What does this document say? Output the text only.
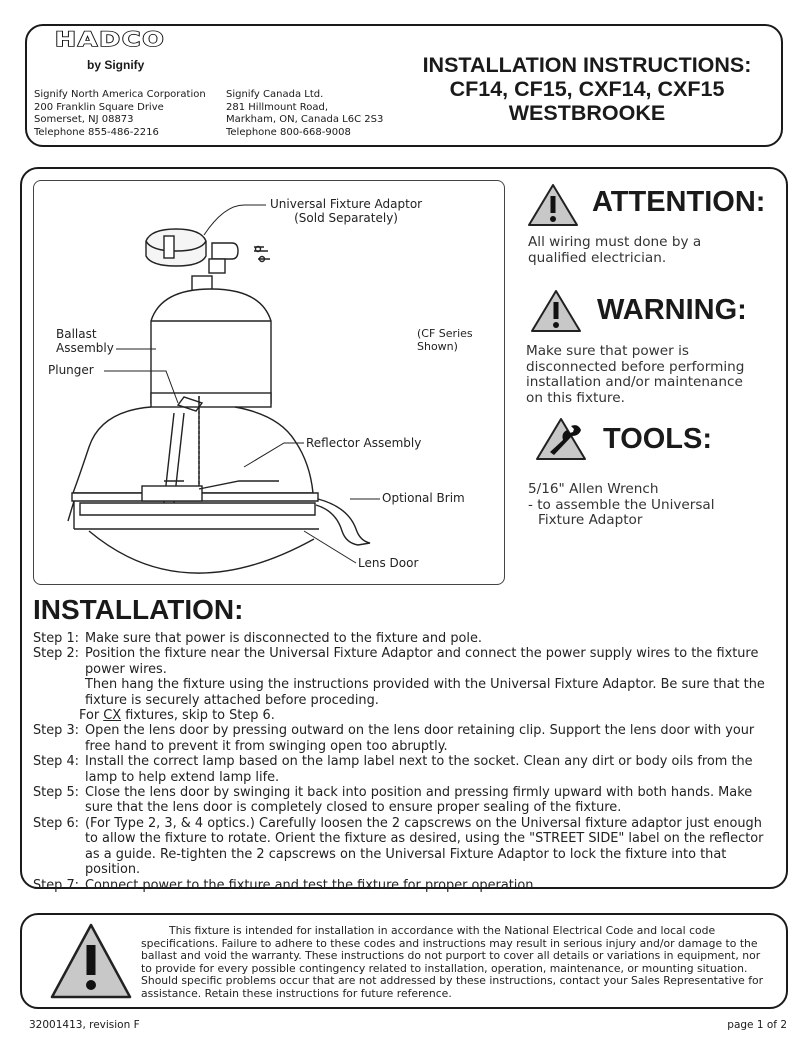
HADCO
by Signify
Signify North America Corporation
200 Franklin Square Drive
Somerset, NJ 08873
Telephone 855-486-2216
Signify Canada Ltd.
281 Hillmount Road,
Markham, ON, Canada L6C 2S3
Telephone 800-668-9008
INSTALLATION INSTRUCTIONS:
CF14, CF15, CXF14, CXF15
WESTBROOKE
Universal Fixture Adaptor
(Sold Separately)
Ballast
Assembly
Plunger
(CF Series
Shown)
Reflector Assembly
Optional Brim
Lens Door
ATTENTION:
All wiring must done by a qualified electrician.
WARNING:
Make sure that power is disconnected before performing installation and/or maintenance on this fixture.
TOOLS:
5/16" Allen Wrench
- to assemble the Universal
Fixture Adaptor
INSTALLATION:
Step 1: Make sure that power is disconnected to the fixture and pole.
Step 2: Position the fixture near the Universal Fixture Adaptor and connect the power supply wires to the fixture power wires.
Then hang the fixture using the instructions provided with the Universal Fixture Adaptor. Be sure that the fixture is securely attached before proceding.
For CX fixtures, skip to Step 6.
Step 3: Open the lens door by pressing outward on the lens door retaining clip. Support the lens door with your free hand to prevent it from swinging open too abruptly.
Step 4: Install the correct lamp based on the lamp label next to the socket. Clean any dirt or body oils from the lamp to help extend lamp life.
Step 5: Close the lens door by swinging it back into position and pressing firmly upward with both hands. Make sure that the lens door is completely closed to ensure proper sealing of the fixture.
Step 6: (For Type 2, 3, & 4 optics.) Carefully loosen the 2 capscrews on the Universal fixture adaptor just enough to allow the fixture to rotate. Orient the fixture as desired, using the "STREET SIDE" label on the reflector as a guide. Re-tighten the 2 capscrews on the Universal Fixture Adaptor to lock the fixture into that position.
Step 7: Connect power to the fixture and test the fixture for proper operation
This fixture is intended for installation in accordance with the National Electrical Code and local code specifications. Failure to adhere to these codes and instructions may result in serious injury and/or damage to the ballast and void the warranty. These instructions do not purport to cover all details or variations in equipment, nor to provide for every possible contingency related to installation, operation, maintenance, or mounting situation. Should specific problems occur that are not addressed by these instructions, contact your Sales Representative for assistance. Retain these instructions for future reference.
32001413, revision F	page 1 of 2
